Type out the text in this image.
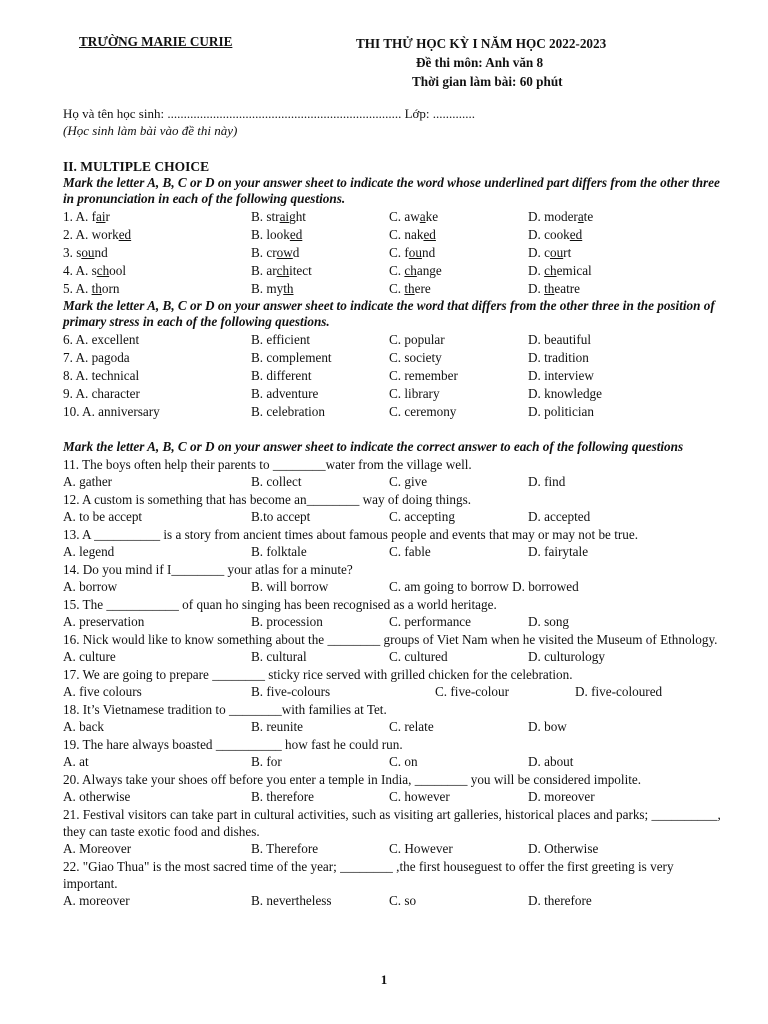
TRƯỜNG MARIE CURIE	THI THỬ HỌC KỲ I NĂM HỌC 2022-2023
Đề thi môn: Anh văn 8
Thời gian làm bài: 60 phút
Họ và tên học sinh: ........................................................................ Lớp: .............
(Học sinh làm bài vào đề thi này)
II. MULTIPLE CHOICE
Mark the letter A, B, C or D on your answer sheet to indicate the word whose underlined part differs from the other three in pronunciation in each of the following questions.
1. A. fair	B. straight	C. awake	D. moderate
2. A. worked	B. looked	C. naked	D. cooked
3. sound	B. crowd	C. found	D. court
4. A. school	B. architect	C. change	D. chemical
5. A. thorn	B. myth	C. there	D. theatre
Mark the letter A, B, C or D on your answer sheet to indicate the word that differs from the other three in the position of primary stress in each of the following questions.
6. A. excellent	B. efficient	C. popular	D. beautiful
7. A. pagoda	B. complement	C. society	D. tradition
8. A. technical	B. different	C. remember	D. interview
9. A. character	B. adventure	C. library	D. knowledge
10. A. anniversary	B. celebration	C. ceremony	D. politician
Mark the letter A, B, C or D on your answer sheet to indicate the correct answer to each of the following questions
11. The boys often help their parents to ________water from the village well.
A. gather	B. collect	C. give	D. find
12. A custom is something that has become an________ way of doing things.
A. to be accept	B.to accept	C. accepting	D. accepted
13. A __________ is a story from ancient times about famous people and events that may or may not be true.
A. legend	B. folktale	C. fable	D. fairytale
14. Do you mind if I________ your atlas for a minute?
A. borrow	B. will borrow	C. am going to borrow D. borrowed
15. The ___________ of quan ho singing has been recognised as a world heritage.
A. preservation	B. procession	C. performance	D. song
16. Nick would like to know something about the ________ groups of Viet Nam when he visited the Museum of Ethnology.
A. culture	B. cultural	C. cultured	D. culturology
17. We are going to prepare ________ sticky rice served with grilled chicken for the celebration.
A. five colours	B. five-colours	C. five-colour	D. five-coloured
18. It’s Vietnamese tradition to ________with families at Tet.
A. back	B. reunite	C. relate	D. bow
19. The hare always boasted __________ how fast he could run.
A. at	B. for	C. on	D. about
20. Always take your shoes off before you enter a temple in India, ________ you will be considered impolite.
A. otherwise	B. therefore	C. however	D. moreover
21. Festival visitors can take part in cultural activities, such as visiting art galleries, historical places and parks; __________, they can taste exotic food and dishes.
A. Moreover	B. Therefore	C. However	D. Otherwise
22. "Giao Thua" is the most sacred time of the year; ________ ,the first houseguest to offer the first greeting is very important.
A. moreover	B. nevertheless	C. so	D. therefore
1
